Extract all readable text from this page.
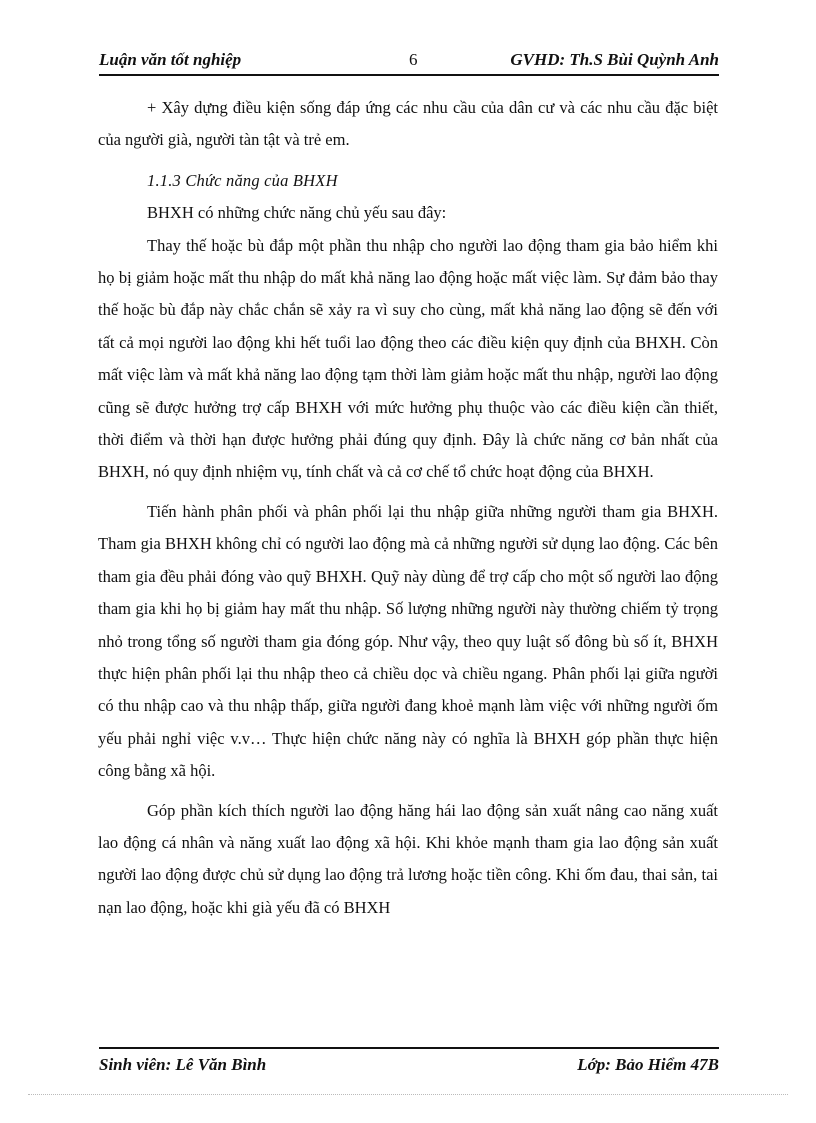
Luận văn tốt nghiệp	6	GVHD: Th.S Bùi Quỳnh Anh

+ Xây dựng điều kiện sống đáp ứng các nhu cầu của dân cư và các nhu cầu đặc biệt của người già, người tàn tật và trẻ em.

1.1.3 Chức năng của BHXH

BHXH có những chức năng chủ yếu sau đây:

Thay thế hoặc bù đắp một phần thu nhập cho người lao động tham gia bảo hiểm khi họ bị giảm hoặc mất thu nhập do mất khả năng lao động hoặc mất việc làm. Sự đảm bảo thay thế hoặc bù đắp này chắc chắn sẽ xảy ra vì suy cho cùng, mất khả năng lao động sẽ đến với tất cả mọi người lao động khi hết tuổi lao động theo các điều kiện quy định của BHXH. Còn mất việc làm và mất khả năng lao động tạm thời làm giảm hoặc mất thu nhập, người lao động cũng sẽ được hưởng trợ cấp BHXH với mức hưởng phụ thuộc vào các điều kiện cần thiết, thời điểm và thời hạn được hưởng phải đúng quy định. Đây là chức năng cơ bản nhất của BHXH, nó quy định nhiệm vụ, tính chất và cả cơ chế tổ chức hoạt động của BHXH.

Tiến hành phân phối và phân phối lại thu nhập giữa những người tham gia BHXH. Tham gia BHXH không chỉ có người lao động mà cả những người sử dụng lao động. Các bên tham gia đều phải đóng vào quỹ BHXH. Quỹ này dùng để trợ cấp cho một số người lao động tham gia khi họ bị giảm hay mất thu nhập. Số lượng những người này thường chiếm tỷ trọng nhỏ trong tổng số người tham gia đóng góp. Như vậy, theo quy luật số đông bù số ít, BHXH thực hiện phân phối lại thu nhập theo cả chiều dọc và chiều ngang. Phân phối lại giữa người có thu nhập cao và thu nhập thấp, giữa người đang khoẻ mạnh làm việc với những người ốm yếu phải nghỉ việc v.v… Thực hiện chức năng này có nghĩa là BHXH góp phần thực hiện công bằng xã hội.

Góp phần kích thích người lao động hăng hái lao động sản xuất nâng cao năng xuất lao động cá nhân và năng xuất lao động xã hội. Khi khỏe mạnh tham gia lao động sản xuất người lao động được chủ sử dụng lao động trả lương hoặc tiền công. Khi ốm đau, thai sản, tai nạn lao động, hoặc khi già yếu đã có BHXH

Sinh viên: Lê Văn Bình	Lớp: Bảo Hiểm 47B
